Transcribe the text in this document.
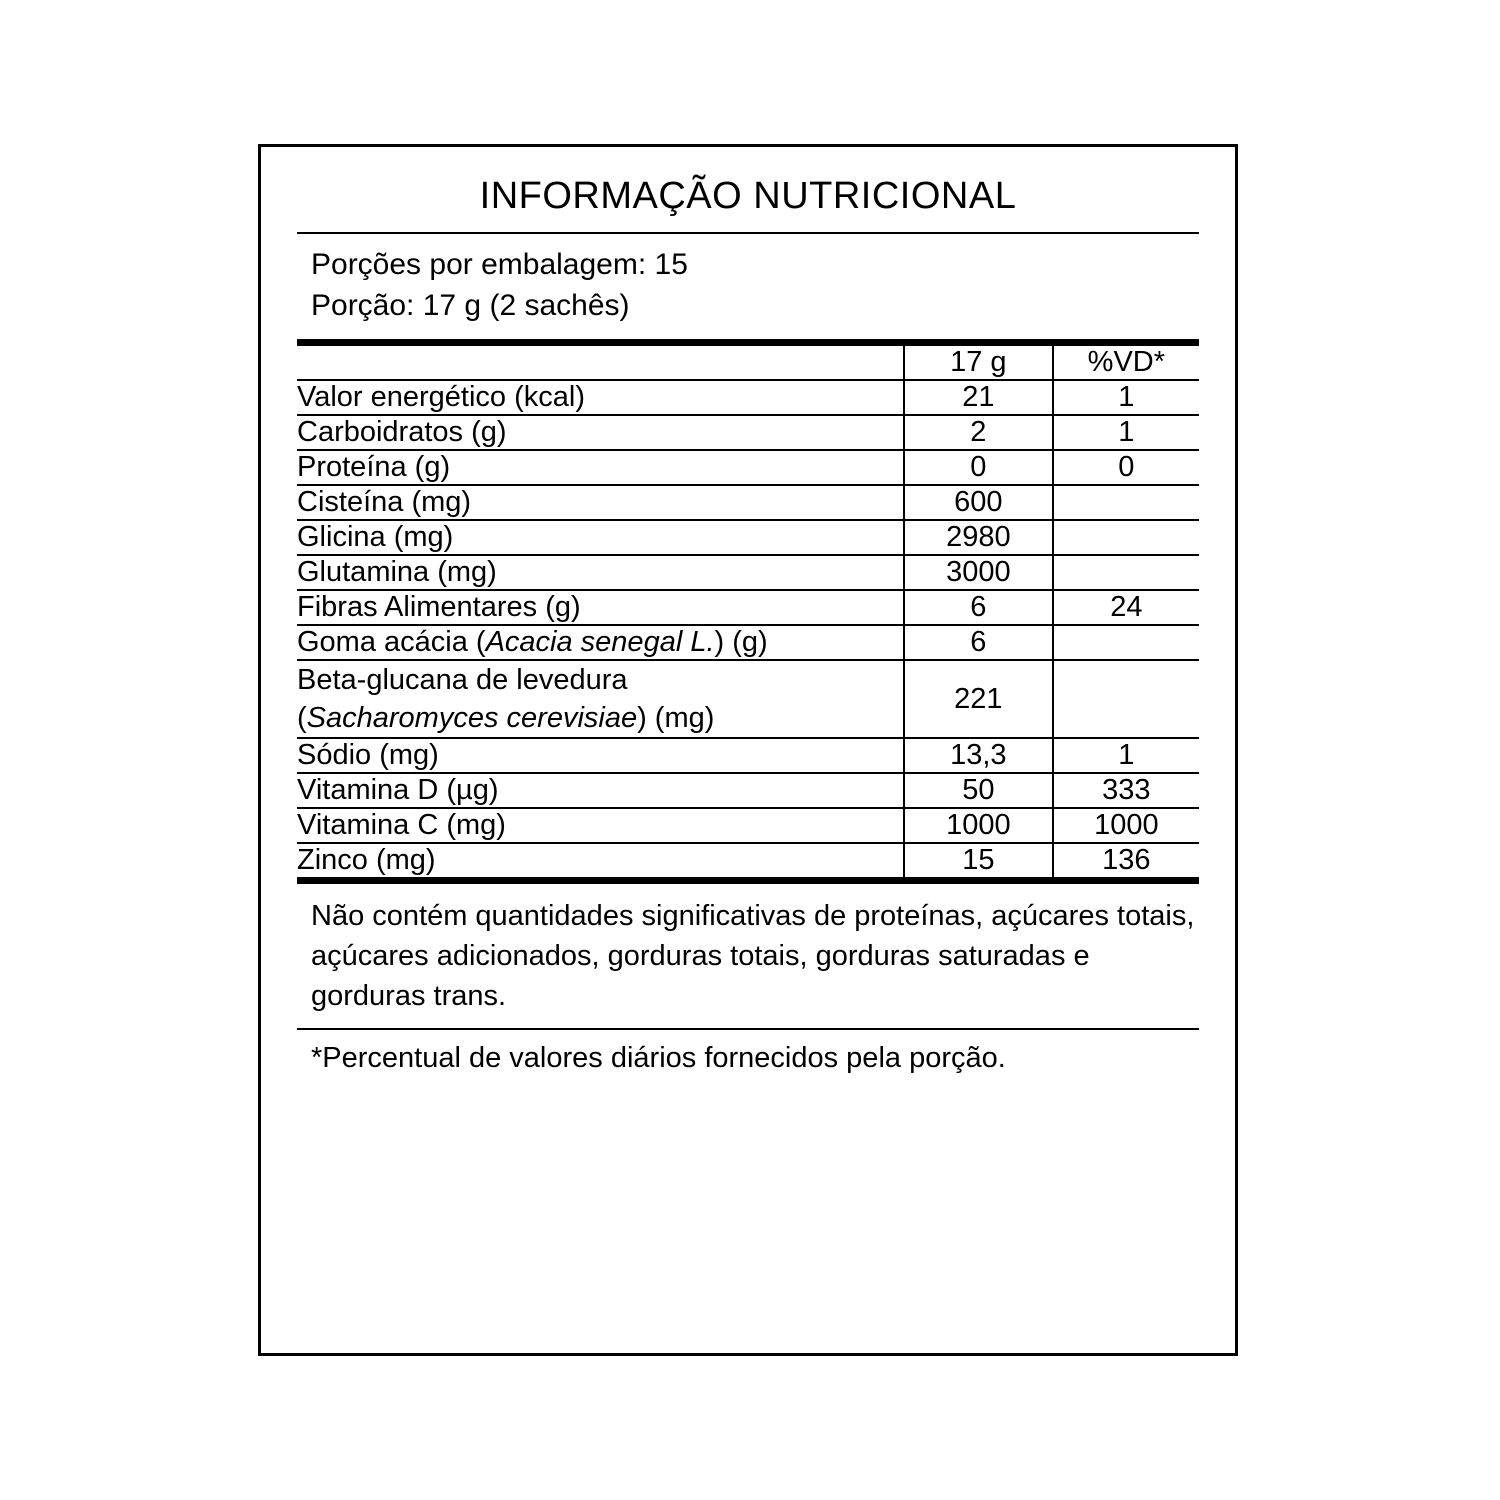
INFORMAÇÃO NUTRICIONAL
Porções por embalagem: 15
Porção: 17 g (2 sachês)
	17 g	%VD*
Valor energético (kcal)	21	1
Carboidratos (g)	2	1
Proteína (g)	0	0
Cisteína (mg)	600	
Glicina (mg)	2980	
Glutamina (mg)	3000	
Fibras Alimentares (g)	6	24
Goma acácia (Acacia senegal L.) (g)	6	
Beta-glucana de levedura
(Sacharomyces cerevisiae) (mg)	221	
Sódio (mg)	13,3	1
Vitamina D (µg)	50	333
Vitamina C (mg)	1000	1000
Zinco (mg)	15	136
Não contém quantidades significativas de proteínas, açúcares totais, açúcares adicionados, gorduras totais, gorduras saturadas e gorduras trans.
*Percentual de valores diários fornecidos pela porção.
